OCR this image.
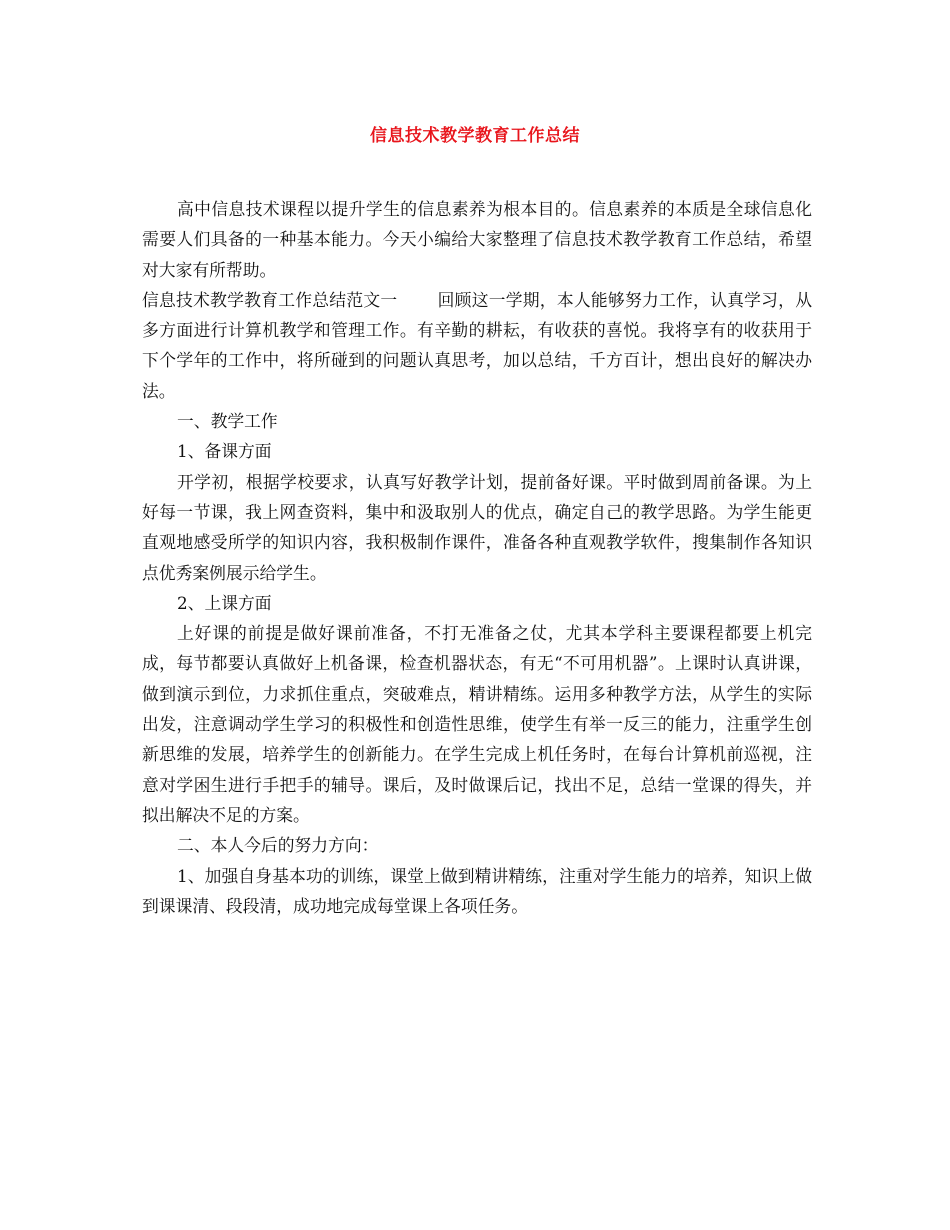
信息技术教学教育工作总结

高中信息技术课程以提升学生的信息素养为根本目的。信息素养的本质是全球信息化需要人们具备的一种基本能力。今天小编给大家整理了信息技术教学教育工作总结，希望对大家有所帮助。

信息技术教学教育工作总结范文一 回顾这一学期，本人能够努力工作，认真学习，从多方面进行计算机教学和管理工作。有辛勤的耕耘，有收获的喜悦。我将享有的收获用于下个学年的工作中，将所碰到的问题认真思考，加以总结，千方百计，想出良好的解决办法。

一、教学工作

1、备课方面

开学初，根据学校要求，认真写好教学计划，提前备好课。平时做到周前备课。为上好每一节课，我上网查资料，集中和汲取别人的优点，确定自己的教学思路。为学生能更直观地感受所学的知识内容，我积极制作课件，准备各种直观教学软件，搜集制作各知识点优秀案例展示给学生。

2、上课方面

上好课的前提是做好课前准备，不打无准备之仗，尤其本学科主要课程都要上机完成，每节都要认真做好上机备课，检查机器状态，有无“不可用机器”。上课时认真讲课，做到演示到位，力求抓住重点，突破难点，精讲精练。运用多种教学方法，从学生的实际出发，注意调动学生学习的积极性和创造性思维，使学生有举一反三的能力，注重学生创新思维的发展，培养学生的创新能力。在学生完成上机任务时，在每台计算机前巡视，注意对学困生进行手把手的辅导。课后，及时做课后记，找出不足，总结一堂课的得失，并拟出解决不足的方案。

二、本人今后的努力方向：

1、加强自身基本功的训练，课堂上做到精讲精练，注重对学生能力的培养，知识上做到课课清、段段清，成功地完成每堂课上各项任务。
